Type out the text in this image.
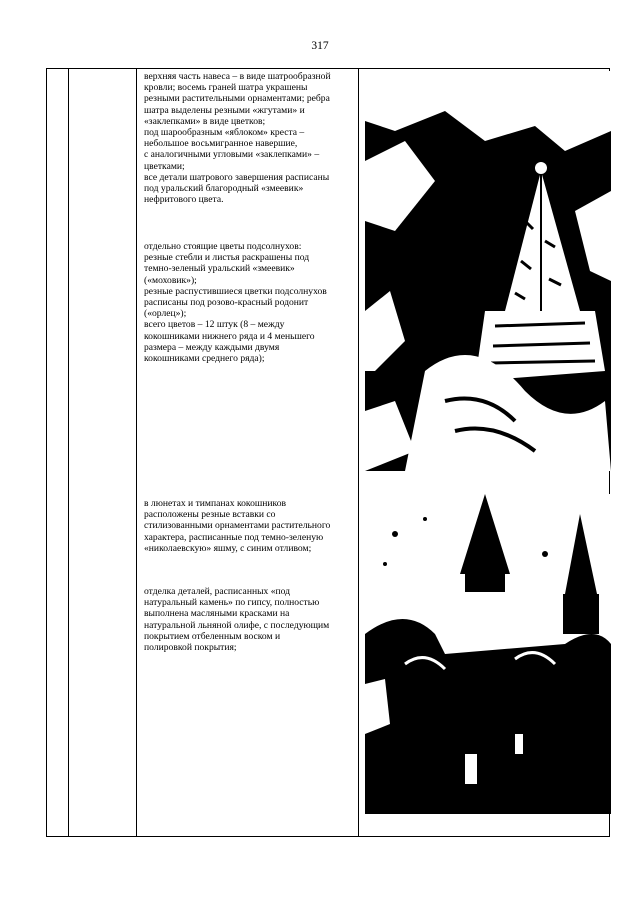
317
верхняя часть навеса – в виде шатрообразной
кровли; восемь граней шатра украшены
резными растительными орнаментами; ребра
шатра выделены резными «жгутами» и
«заклепками» в виде цветков;
под шарообразным «яблоком» креста –
небольшое восьмигранное навершие,
с аналогичными угловыми «заклепками» –
цветками;
все детали шатрового завершения расписаны
под уральский благородный «змеевик»
нефритового цвета.
отдельно стоящие цветы подсолнухов:
резные стебли и листья раскрашены под
темно-зеленый уральский «змеевик»
(«моховик»);
резные распустившиеся цветки подсолнухов
расписаны под розово-красный родонит
(«орлец»);
всего цветов – 12 штук (8 – между
кокошниками нижнего ряда и 4 меньшего
размера – между каждыми двумя
кокошниками среднего ряда);
в люнетах и тимпанах кокошников
расположены резные вставки со
стилизованными орнаментами растительного
характера, расписанные под темно-зеленую
«николаевскую» яшму, с синим отливом;
отделка деталей, расписанных «под
натуральный камень» по гипсу, полностью
выполнена масляными красками на
натуральной льняной олифе, с последующим
покрытием отбеленным воском и
полировкой покрытия;
